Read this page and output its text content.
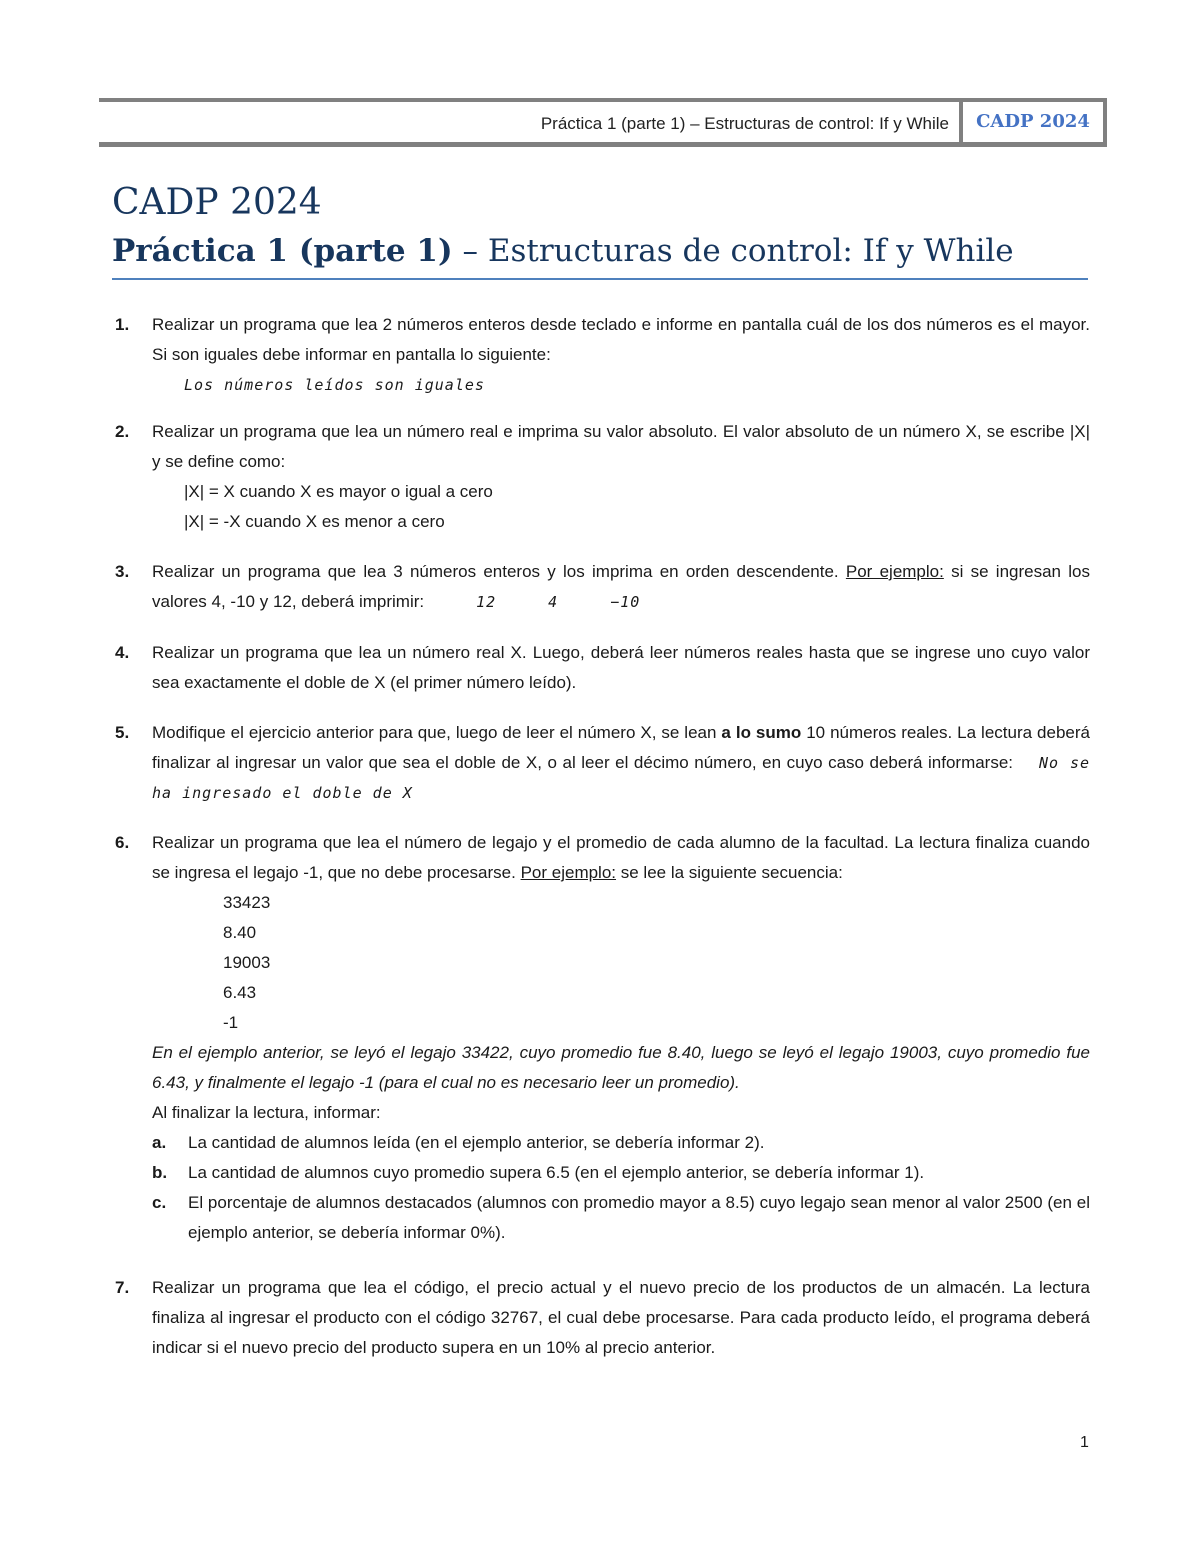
Práctica 1 (parte 1) – Estructuras de control: If y While	CADP 2024
CADP 2024
Práctica 1 (parte 1) – Estructuras de control: If y While
1. Realizar un programa que lea 2 números enteros desde teclado e informe en pantalla cuál de los dos números es el mayor. Si son iguales debe informar en pantalla lo siguiente:
Los números leídos son iguales
2. Realizar un programa que lea un número real e imprima su valor absoluto. El valor absoluto de un número X, se escribe |X| y se define como:
|X| = X cuando X es mayor o igual a cero
|X| = -X cuando X es menor a cero
3. Realizar un programa que lea 3 números enteros y los imprima en orden descendente. Por ejemplo: si se ingresan los valores 4, -10 y 12, deberá imprimir:	12	4	−10
4. Realizar un programa que lea un número real X. Luego, deberá leer números reales hasta que se ingrese uno cuyo valor sea exactamente el doble de X (el primer número leído).
5. Modifique el ejercicio anterior para que, luego de leer el número X, se lean a lo sumo 10 números reales. La lectura deberá finalizar al ingresar un valor que sea el doble de X, o al leer el décimo número, en cuyo caso deberá informarse: No se ha ingresado el doble de X
6. Realizar un programa que lea el número de legajo y el promedio de cada alumno de la facultad. La lectura finaliza cuando se ingresa el legajo -1, que no debe procesarse. Por ejemplo: se lee la siguiente secuencia:
33423
8.40
19003
6.43
-1
En el ejemplo anterior, se leyó el legajo 33422, cuyo promedio fue 8.40, luego se leyó el legajo 19003, cuyo promedio fue 6.43, y finalmente el legajo -1 (para el cual no es necesario leer un promedio).
Al finalizar la lectura, informar:
a. La cantidad de alumnos leída (en el ejemplo anterior, se debería informar 2).
b. La cantidad de alumnos cuyo promedio supera 6.5 (en el ejemplo anterior, se debería informar 1).
c. El porcentaje de alumnos destacados (alumnos con promedio mayor a 8.5) cuyo legajo sean menor al valor 2500 (en el ejemplo anterior, se debería informar 0%).
7. Realizar un programa que lea el código, el precio actual y el nuevo precio de los productos de un almacén. La lectura finaliza al ingresar el producto con el código 32767, el cual debe procesarse. Para cada producto leído, el programa deberá indicar si el nuevo precio del producto supera en un 10% al precio anterior.
1
